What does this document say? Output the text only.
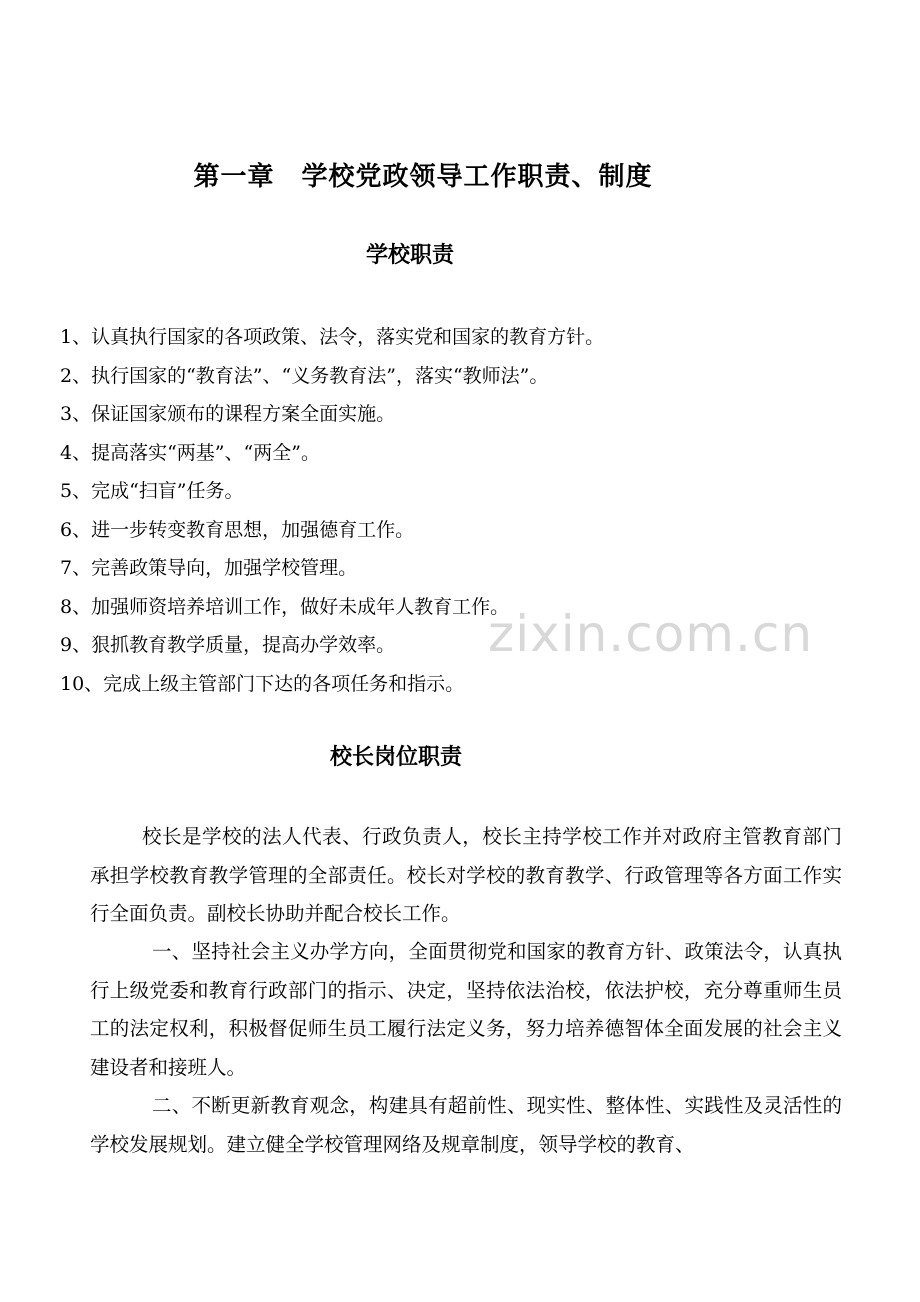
第一章　学校党政领导工作职责、制度
学校职责
1、认真执行国家的各项政策、法令，落实党和国家的教育方针。
2、执行国家的“教育法”、“义务教育法”，落实“教师法”。
3、保证国家颁布的课程方案全面实施。
4、提高落实“两基”、“两全”。
5、完成“扫盲”任务。
6、进一步转变教育思想，加强德育工作。
7、完善政策导向，加强学校管理。
8、加强师资培养培训工作，做好未成年人教育工作。
9、狠抓教育教学质量，提高办学效率。
10、完成上级主管部门下达的各项任务和指示。
校长岗位职责

校长是学校的法人代表、行政负责人，校长主持学校工作并对政府主管教育部门承担学校教育教学管理的全部责任。校长对学校的教育教学、行政管理等各方面工作实行全面负责。副校长协助并配合校长工作。

一、坚持社会主义办学方向，全面贯彻党和国家的教育方针、政策法令，认真执行上级党委和教育行政部门的指示、决定，坚持依法治校，依法护校，充分尊重师生员工的法定权利，积极督促师生员工履行法定义务，努力培养德智体全面发展的社会主义建设者和接班人。

二、不断更新教育观念，构建具有超前性、现实性、整体性、实践性及灵活性的学校发展规划。建立健全学校管理网络及规章制度，领导学校的教育、

zixin.com.cn
